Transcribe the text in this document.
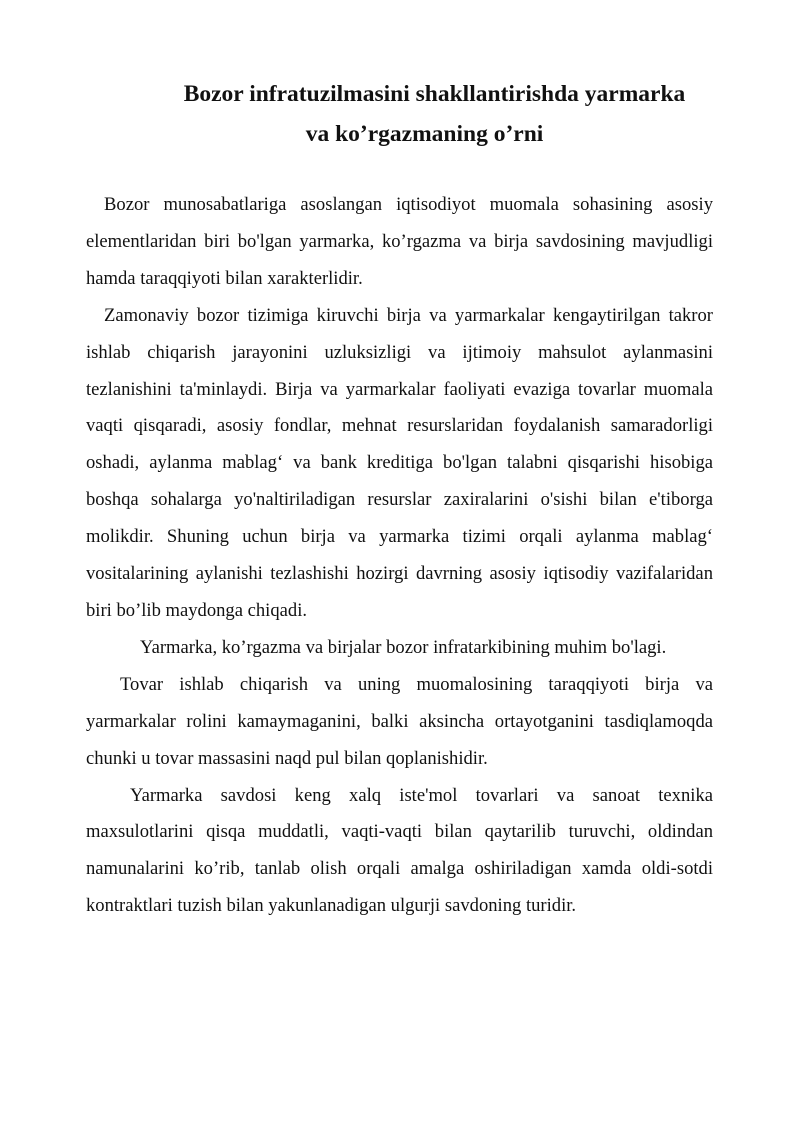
Bozor infratuzilmasini shakllantirishda yarmarka
va ko’rgazmaning o’rni

Bozor munosabatlariga asoslangan iqtisodiyot muomala sohasining asosiy elementlaridan biri bo'lgan yarmarka, ko’rgazma va birja savdosining mavjudligi hamda taraqqiyoti bilan xarakterlidir.

Zamonaviy bozor tizimiga kiruvchi birja va yarmarkalar kengaytirilgan takror ishlab chiqarish jarayonini uzluksizligi va ijtimoiy mahsulot aylanmasini tezlanishini ta'minlaydi. Birja va yarmarkalar faoliyati evaziga tovarlar muomala vaqti qisqaradi, asosiy fondlar, mehnat resurslaridan foydalanish samaradorligi oshadi, aylanma mablag‘ va bank kreditiga bo'lgan talabni qisqarishi hisobiga boshqa sohalarga yo'naltiriladigan resurslar zaxiralarini o'sishi bilan e'tiborga molikdir. Shuning uchun birja va yarmarka tizimi orqali aylanma mablag‘ vositalarining aylanishi tezlashishi hozirgi davrning asosiy iqtisodiy vazifalaridan biri bo’lib maydonga chiqadi.

Yarmarka, ko’rgazma va birjalar bozor infratarkibining muhim bo'lagi.

Tovar ishlab chiqarish va uning muomalosining taraqqiyoti birja va yarmarkalar rolini kamaymaganini, balki aksincha ortayotganini tasdiqlamoqda chunki u tovar massasini naqd pul bilan qoplanishidir.

Yarmarka savdosi keng xalq iste'mol tovarlari va sanoat texnika maxsulotlarini qisqa muddatli, vaqti-vaqti bilan qaytarilib turuvchi, oldindan namunalarini ko’rib, tanlab olish orqali amalga oshiriladigan xamda oldi-sotdi kontraktlari tuzish bilan yakunlanadigan ulgurji savdoning turidir.
